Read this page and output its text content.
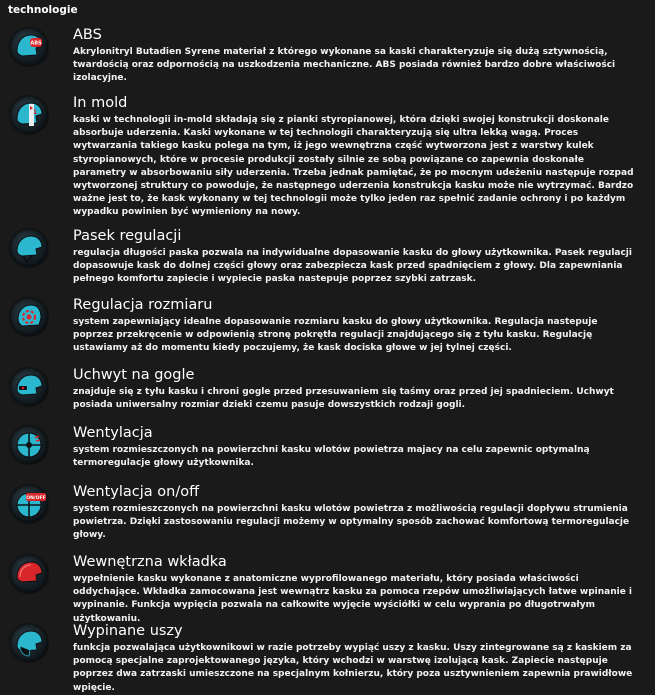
technologie
ABS
ABS
Akrylonitryl Butadien Syrene materiał z którego wykonane sa kaski charakteryzuje się dużą sztywnością, twardością oraz odpornością na uszkodzenia mechaniczne. ABS posiada również bardzo dobre właściwości izolacyjne.
1
In mold
kaski w technologii in-mold składają się z pianki styropianowej, która dzięki swojej konstrukcji doskonale absorbuje uderzenia. Kaski wykonane w tej technologii charakteryzują się ultra lekką wagą. Proces wytwarzania takiego kasku polega na tym, iż jego wewnętrzna część wytworzona jest z warstwy kulek styropianowych, które w procesie produkcji zostały silnie ze sobą powiązane co zapewnia doskonałe parametry w absorbowaniu siły uderzenia. Trzeba jednak pamiętać, że po mocnym udeżeniu następuje rozpad wytworzonej struktury co powoduje, że następnego uderzenia konstrukcja kasku może nie wytrzymać. Bardzo ważne jest to, że kask wykonany w tej technologii może tylko jeden raz spełnić zadanie ochrony i po każdym wypadku powinien być wymieniony na nowy.
Pasek regulacji
regulacja długości paska pozwala na indywidualne dopasowanie kasku do głowy użytkownika. Pasek regulacji dopasowuje kask do dolnej części głowy oraz zabezpiecza kask przed spadnięciem z głowy. Dla zapewniania pełnego komfortu zapiecie i wypiecie paska nastepuje poprzez szybki zatrzask.
Regulacja rozmiaru
system zapewniający idealne dopasowanie rozmiaru kasku do głowy użytkownika. Regulacja nastepuje poprzez przekręcenie w odpowienią stronę pokrętła regulacji znajdującego się z tyłu kasku. Regulację ustawiamy aż do momentu kiedy poczujemy, że kask dociska głowe w jej tylnej części.
Uchwyt na gogle
znajduje się z tyłu kasku i chroni gogle przed przesuwaniem się taśmy oraz przed jej spadnieciem. Uchwyt posiada uniwersalny rozmiar dzieki czemu pasuje dowszystkich rodzaji gogli.
Wentylacja
system rozmieszczonych na powierzchni kasku wlotów powietrza majacy na celu zapewnic optymalną termoregulacje głowy użytkownika.
ON/OFF Wentylacja on/off
system rozmieszczonych na powierzchni kasku wlotów powietrza z możliwością regulacji dopływu strumienia powietrza. Dzięki zastosowaniu regulacji możemy w optymalny sposób zachować komfortową termoregulacje głowy.
Wewnętrzna wkładka
wypełnienie kasku wykonane z anatomiczne wyprofilowanego materiału, który posiada właściwości oddychające. Wkładka zamocowana jest wewnątrz kasku za pomoca rzepów umożliwiających łatwe wpinanie i wypinanie. Funkcja wypięcia pozwala na całkowite wyjęcie wyściółki w celu wyprania po długotrwałym użytkowaniu.
Wypinane uszy
funkcja pozwalająca użytkownikowi w razie potrzeby wypiąć uszy z kasku. Uszy zintegrowane są z kaskiem za pomocą specjalne zaprojektowanego języka, który wchodzi w warstwę izolującą kask. Zapiecie następuje poprzez dwa zatrzaski umieszczone na specjalnym kołnierzu, który poza usztywnieniem zapewnia prawidłowe wpięcie.
